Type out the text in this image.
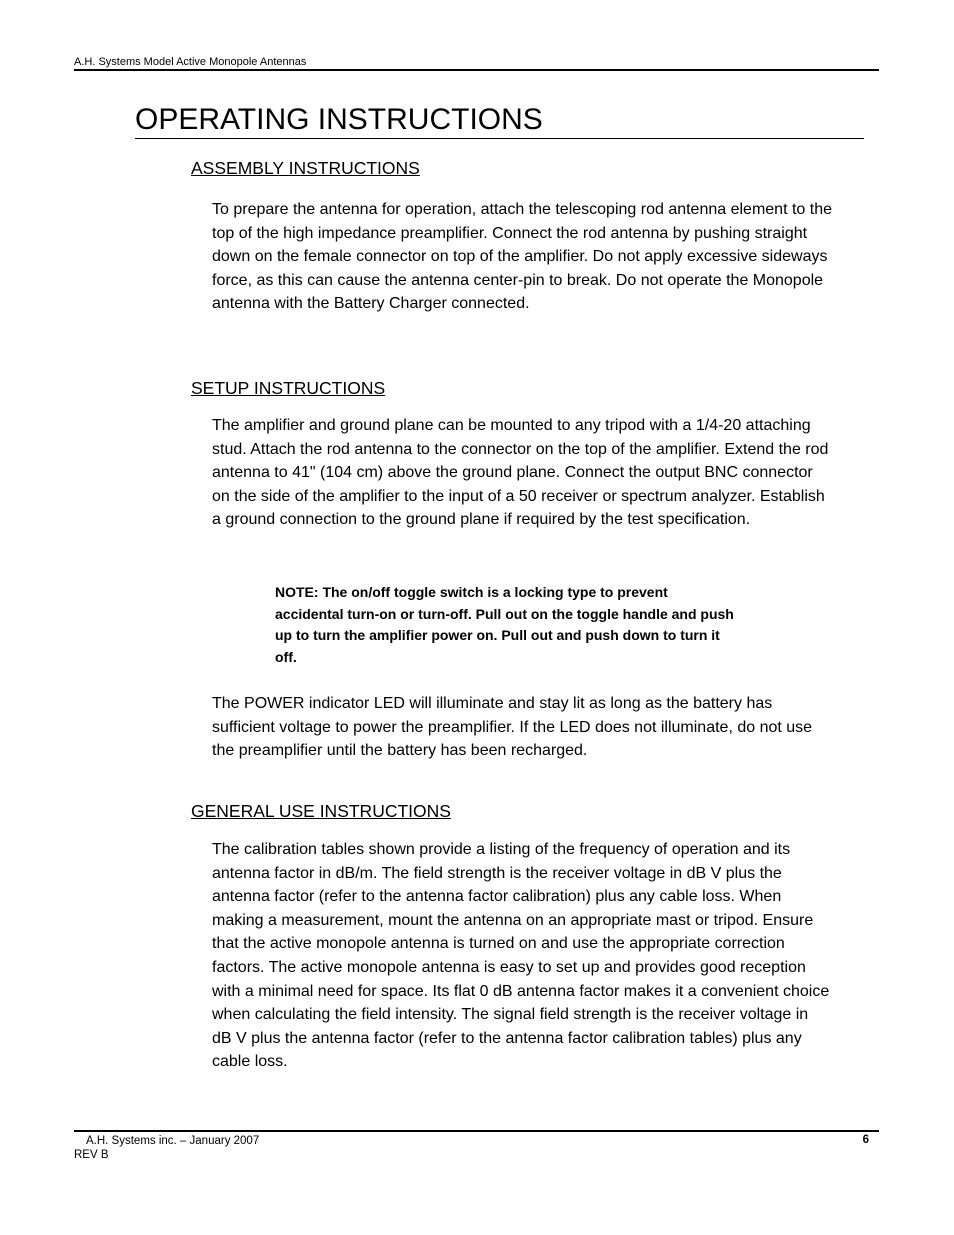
A.H. Systems Model Active Monopole Antennas
OPERATING INSTRUCTIONS
ASSEMBLY INSTRUCTIONS

To prepare the antenna for operation, attach the telescoping rod antenna element to the top of the high impedance preamplifier. Connect the rod antenna by pushing straight down on the female connector on top of the amplifier. Do not apply excessive sideways force, as this can cause the antenna center-pin to break. Do not operate the Monopole antenna with the Battery Charger connected.

SETUP INSTRUCTIONS

The amplifier and ground plane can be mounted to any tripod with a 1/4-20 attaching stud. Attach the rod antenna to the connector on the top of the amplifier. Extend the rod antenna to 41" (104 cm) above the ground plane. Connect the output BNC connector on the side of the amplifier to the input of a 50 receiver or spectrum analyzer. Establish a ground connection to the ground plane if required by the test specification.

NOTE: The on/off toggle switch is a locking type to prevent accidental turn-on or turn-off. Pull out on the toggle handle and push up to turn the amplifier power on. Pull out and push down to turn it off.

The POWER indicator LED will illuminate and stay lit as long as the battery has sufficient voltage to power the preamplifier. If the LED does not illuminate, do not use the preamplifier until the battery has been recharged.

GENERAL USE INSTRUCTIONS

The calibration tables shown provide a listing of the frequency of operation and its antenna factor in dB/m. The field strength is the receiver voltage in dB V plus the antenna factor (refer to the antenna factor calibration) plus any cable loss. When making a measurement, mount the antenna on an appropriate mast or tripod. Ensure that the active monopole antenna is turned on and use the appropriate correction factors. The active monopole antenna is easy to set up and provides good reception with a minimal need for space. Its flat 0 dB antenna factor makes it a convenient choice when calculating the field intensity. The signal field strength is the receiver voltage in dB V plus the antenna factor (refer to the antenna factor calibration tables) plus any cable loss.

A.H. Systems inc. – January 2007
REV B
6
